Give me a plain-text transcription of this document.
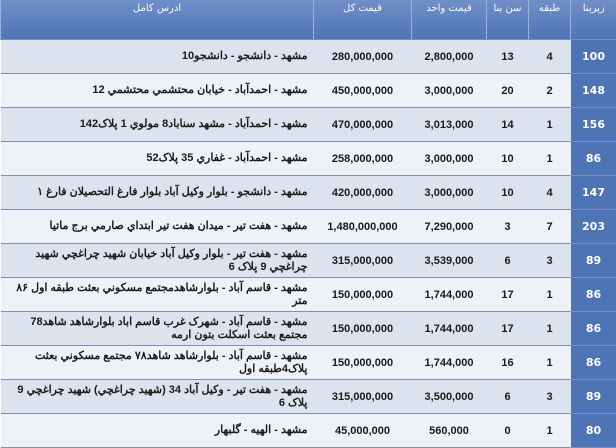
زيربنا	طبقه	سن بنا	قيمت واحد	قيمت كل	ادرس كامل
100	4	13	2,800,000	280,000,000	مشهد - دانشجو - دانشجو10
148	2	20	3,000,000	450,000,000	مشهد - احمدآباد - خيابان محتشمي محتشمي 12
156	1	14	3,013,000	470,000,000	مشهد - احمدآباد - مشهد سناباد8 مولوي 1 پلاک142
86	1	10	3,000,000	258,000,000	مشهد - احمدآباد - غفاري 35 پلاک52
147	4	10	3,000,000	420,000,000	مشهد - دانشجو - بلوار وكيل آباد بلوار فارغ التحصيلان فارغ ۱
203	7	3	7,290,000	1,480,000,000	مشهد - هفت تير - ميدان هفت تير ابتداي صارمي برج ماتيا
89	3	6	3,539,000	315,000,000	مشهد - هفت تير - بلوار وكيل آباد خيابان شهيد چراغچي شهيد چراغچي 9 پلاک 6
86	1	17	1,744,000	150,000,000	مشهد - قاسم آباد - بلوارشاهدمجتمع مسكوني بعثت طبقه اول ۸۶ متر
86	1	17	1,744,000	150,000,000	مشهد - قاسم آباد - شهرک غرب قاسم اباد بلوارشاهد شاهد78 مجتمع بعثت اسكلت بتون ارمه
86	1	16	1,744,000	150,000,000	مشهد - قاسم آباد - بلوارشاهد شاهد۷۸ مجتمع مسكوني بعثت پلاک4طبقه اول
89	3	6	3,500,000	315,000,000	مشهد - هفت تير - وكيل آباد 34 (شهيد چراغچي) شهيد چراغچي 9 پلاک 6
80	1	0	560,000	45,000,000	مشهد - الهيه - گلبهار
